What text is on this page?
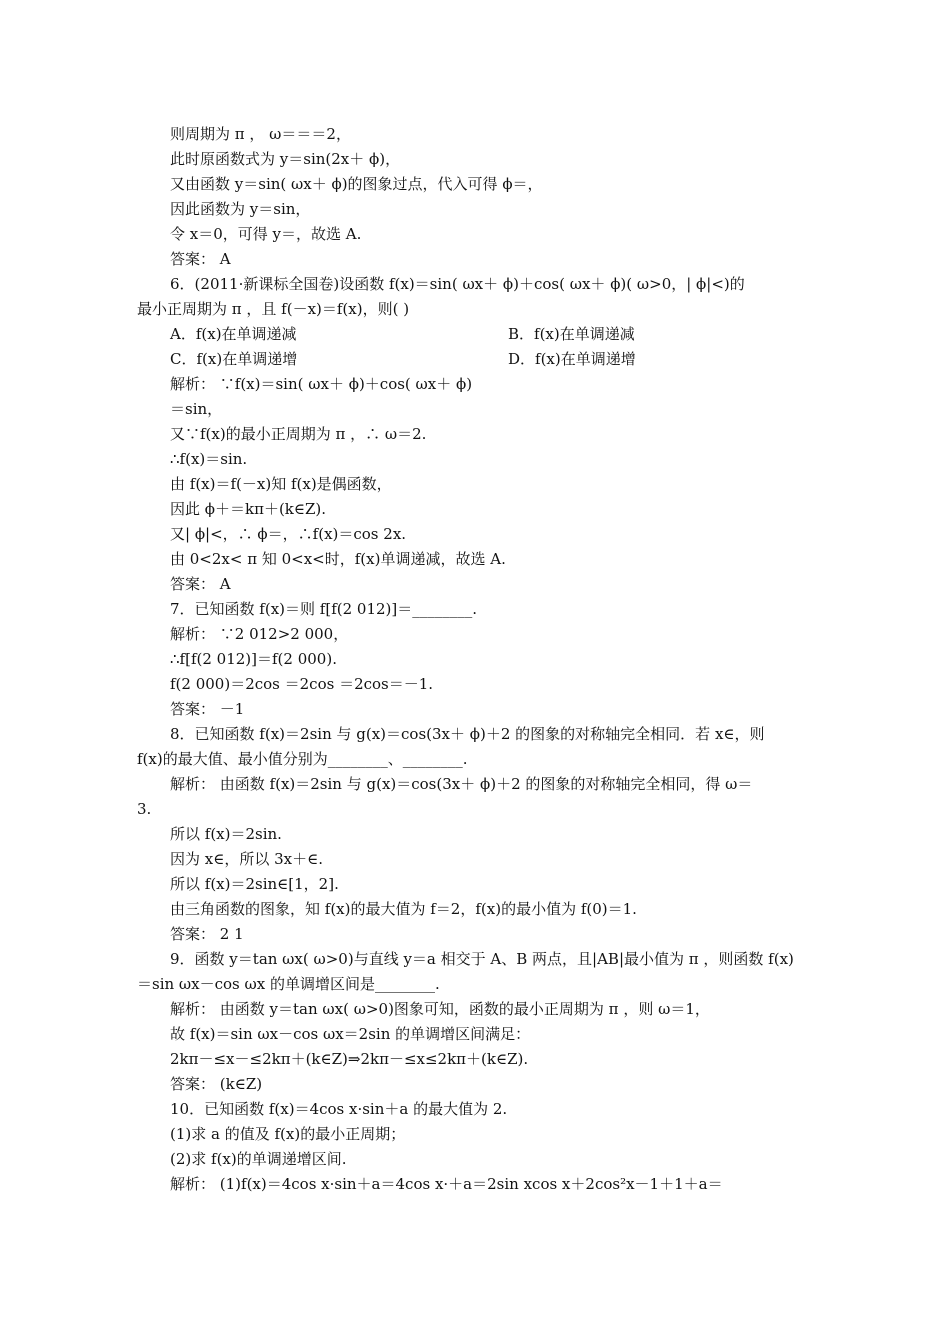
则周期为 π ， ω＝＝＝2，
此时原函数式为 y＝sin(2x＋ ϕ)，
又由函数 y＝sin( ωx＋ ϕ)的图象过点，代入可得 ϕ＝，
因此函数为 y＝sin，
令 x＝0，可得 y＝，故选 A.
答案： A
6．(2011·新课标全国卷)设函数 f(x)＝sin( ωx＋ ϕ)＋cos( ωx＋ ϕ)( ω>0，| ϕ|<)的
最小正周期为 π ，且 f(－x)＝f(x)，则( )
A．f(x)在单调递减	B．f(x)在单调递减
C．f(x)在单调递增	D．f(x)在单调递增
解析： ∵f(x)＝sin( ωx＋ ϕ)＋cos( ωx＋ ϕ)
＝sin，
又∵f(x)的最小正周期为 π ，∴ ω＝2.
∴f(x)＝sin.
由 f(x)＝f(－x)知 f(x)是偶函数，
因此 ϕ＋＝kπ＋(k∈Z).
又| ϕ|<，∴ ϕ＝，∴f(x)＝cos 2x.
由 0<2x< π 知 0<x<时，f(x)单调递减，故选 A.
答案： A
7．已知函数 f(x)＝则 f[f(2 012)]＝________.
解析： ∵2 012>2 000，
∴f[f(2 012)]＝f(2 000).
f(2 000)＝2cos ＝2cos ＝2cos＝－1.
答案： －1
8．已知函数 f(x)＝2sin 与 g(x)＝cos(3x＋ ϕ)＋2 的图象的对称轴完全相同．若 x∈，则
f(x)的最大值、最小值分别为________、________.
解析： 由函数 f(x)＝2sin 与 g(x)＝cos(3x＋ ϕ)＋2 的图象的对称轴完全相同，得 ω＝
3.
所以 f(x)＝2sin.
因为 x∈，所以 3x＋∈.
所以 f(x)＝2sin∈[1，2].
由三角函数的图象，知 f(x)的最大值为 f＝2，f(x)的最小值为 f(0)＝1.
答案： 2 1
9．函数 y＝tan ωx( ω>0)与直线 y＝a 相交于 A、B 两点，且|AB|最小值为 π ，则函数 f(x)
＝sin ωx－cos ωx 的单调增区间是________.
解析： 由函数 y＝tan ωx( ω>0)图象可知，函数的最小正周期为 π ，则 ω＝1，
故 f(x)＝sin ωx－cos ωx＝2sin 的单调增区间满足：
2kπ－≤x－≤2kπ＋(k∈Z)⇒2kπ－≤x≤2kπ＋(k∈Z).
答案： (k∈Z)
10．已知函数 f(x)＝4cos x·sin＋a 的最大值为 2.
(1)求 a 的值及 f(x)的最小正周期；
(2)求 f(x)的单调递增区间.
解析： (1)f(x)＝4cos x·sin＋a＝4cos x·＋a＝2sin xcos x＋2cos²x－1＋1＋a＝
